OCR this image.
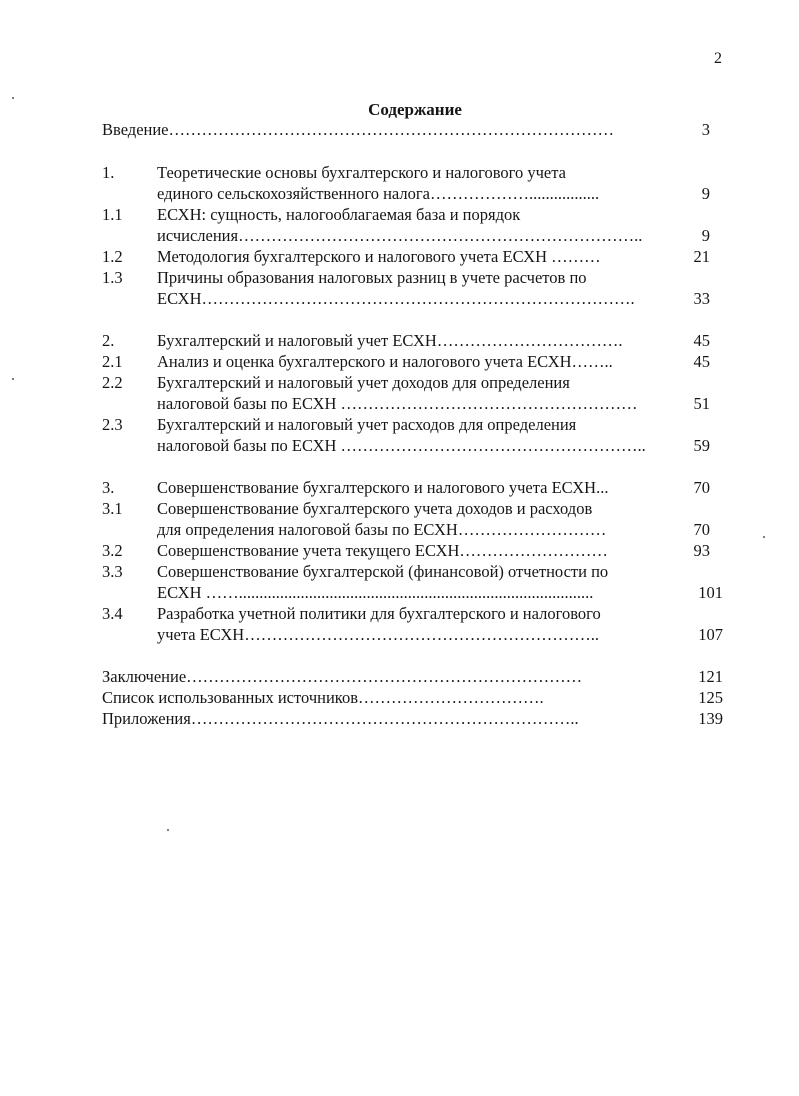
2
Содержание
Введение………………………………………………………………………	3
1.	Теоретические основы бухгалтерского и налогового учета
единого сельскохозяйственного налога……………….................	9
1.1 ЕСХН: сущность, налогооблагаемая база и порядок
исчисления………………………………………………………………..	9
1.2 Методология бухгалтерского и налогового учета ЕСХН ………	21
1.3 Причины образования налоговых разниц в учете расчетов по
ЕСХН…………………………………………………………………….	33
2.	Бухгалтерский и налоговый учет ЕСХН…………………………….	45
2.1 Анализ и оценка бухгалтерского и налогового учета ЕСХН……..	45
2.2 Бухгалтерский и налоговый учет доходов для определения
налоговой базы по ЕСХН ………………………………………………	51
2.3 Бухгалтерский и налоговый учет расходов для определения
налоговой базы по ЕСХН ………………………………………………..	59
3.	Совершенствование бухгалтерского и налогового учета ЕСХН...	70
3.1 Совершенствование бухгалтерского учета доходов и расходов
для определения налоговой базы по ЕСХН………………………	70
3.2 Совершенствование учета текущего ЕСХН………………………	93
3.3 Совершенствование бухгалтерской (финансовой) отчетности по
ЕСХН ……......................................................................................	101
3.4 Разработка учетной политики для бухгалтерского и налогового
учета ЕСХН………………………………………………………..	107
Заключение………………………………………………………………	121
Список использованных источников…………………………….	125
Приложения……………………………………………………………..	139
